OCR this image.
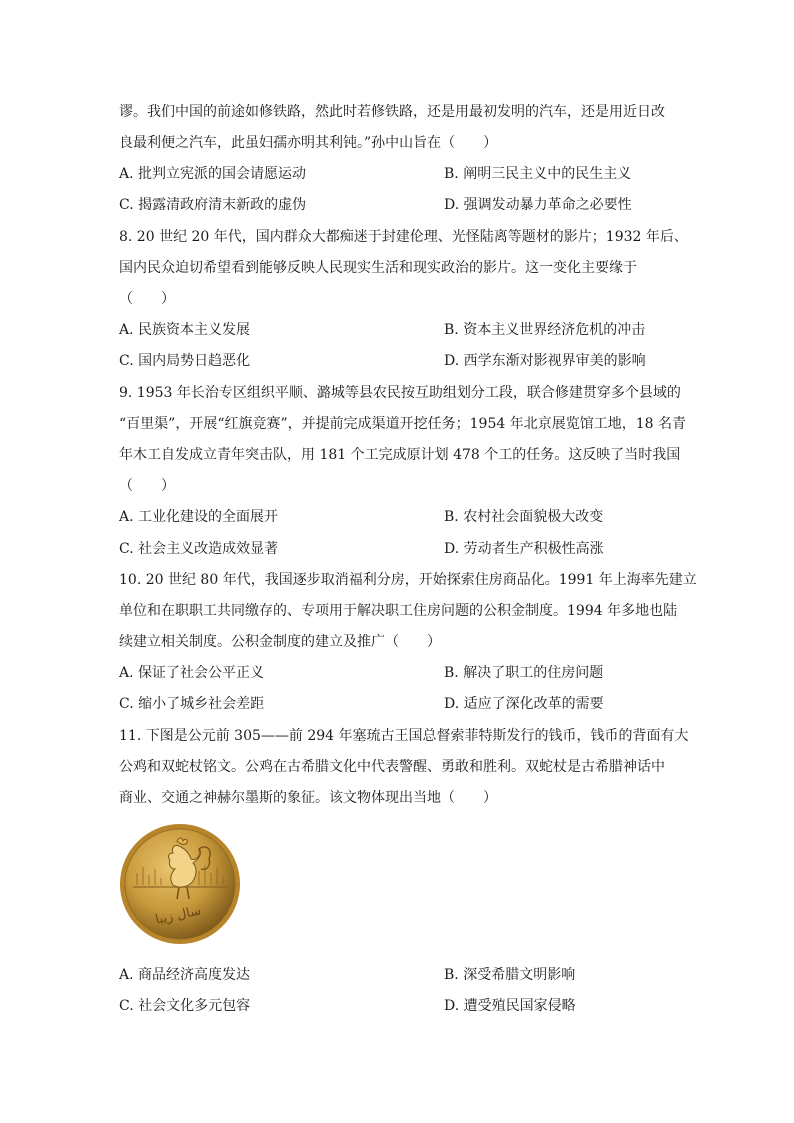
谬。我们中国的前途如修铁路，然此时若修铁路，还是用最初发明的汽车，还是用近日改
良最利便之汽车，此虽妇孺亦明其利钝。”孙中山旨在（　　）
A. 批判立宪派的国会请愿运动	B. 阐明三民主义中的民生主义
C. 揭露清政府清末新政的虚伪	D. 强调发动暴力革命之必要性
8. 20 世纪 20 年代，国内群众大都痴迷于封建伦理、光怪陆离等题材的影片；1932 年后、
国内民众迫切希望看到能够反映人民现实生活和现实政治的影片。这一变化主要缘于
（　　）
A. 民族资本主义发展	B. 资本主义世界经济危机的冲击
C. 国内局势日趋恶化	D. 西学东渐对影视界审美的影响
9. 1953 年长治专区组织平顺、潞城等县农民按互助组划分工段，联合修建贯穿多个县域的
“百里渠”，开展“红旗竞赛”，并提前完成渠道开挖任务；1954 年北京展览馆工地，18 名青
年木工自发成立青年突击队，用 181 个工完成原计划 478 个工的任务。这反映了当时我国
（　　）
A. 工业化建设的全面展开	B. 农村社会面貌极大改变
C. 社会主义改造成效显著	D. 劳动者生产积极性高涨
10. 20 世纪 80 年代，我国逐步取消福利分房，开始探索住房商品化。1991 年上海率先建立
单位和在职职工共同缴存的、专项用于解决职工住房问题的公积金制度。1994 年多地也陆
续建立相关制度。公积金制度的建立及推广（　　）
A. 保证了社会公平正义	B. 解决了职工的住房问题
C. 缩小了城乡社会差距	D. 适应了深化改革的需要
11. 下图是公元前 305——前 294 年塞琉古王国总督索菲特斯发行的钱币，钱币的背面有大
公鸡和双蛇杖铭文。公鸡在古希腊文化中代表警醒、勇敢和胜利。双蛇杖是古希腊神话中
商业、交通之神赫尔墨斯的象征。该文物体现出当地（　　）
سال زیبا
A. 商品经济高度发达	B. 深受希腊文明影响
C. 社会文化多元包容	D. 遭受殖民国家侵略
